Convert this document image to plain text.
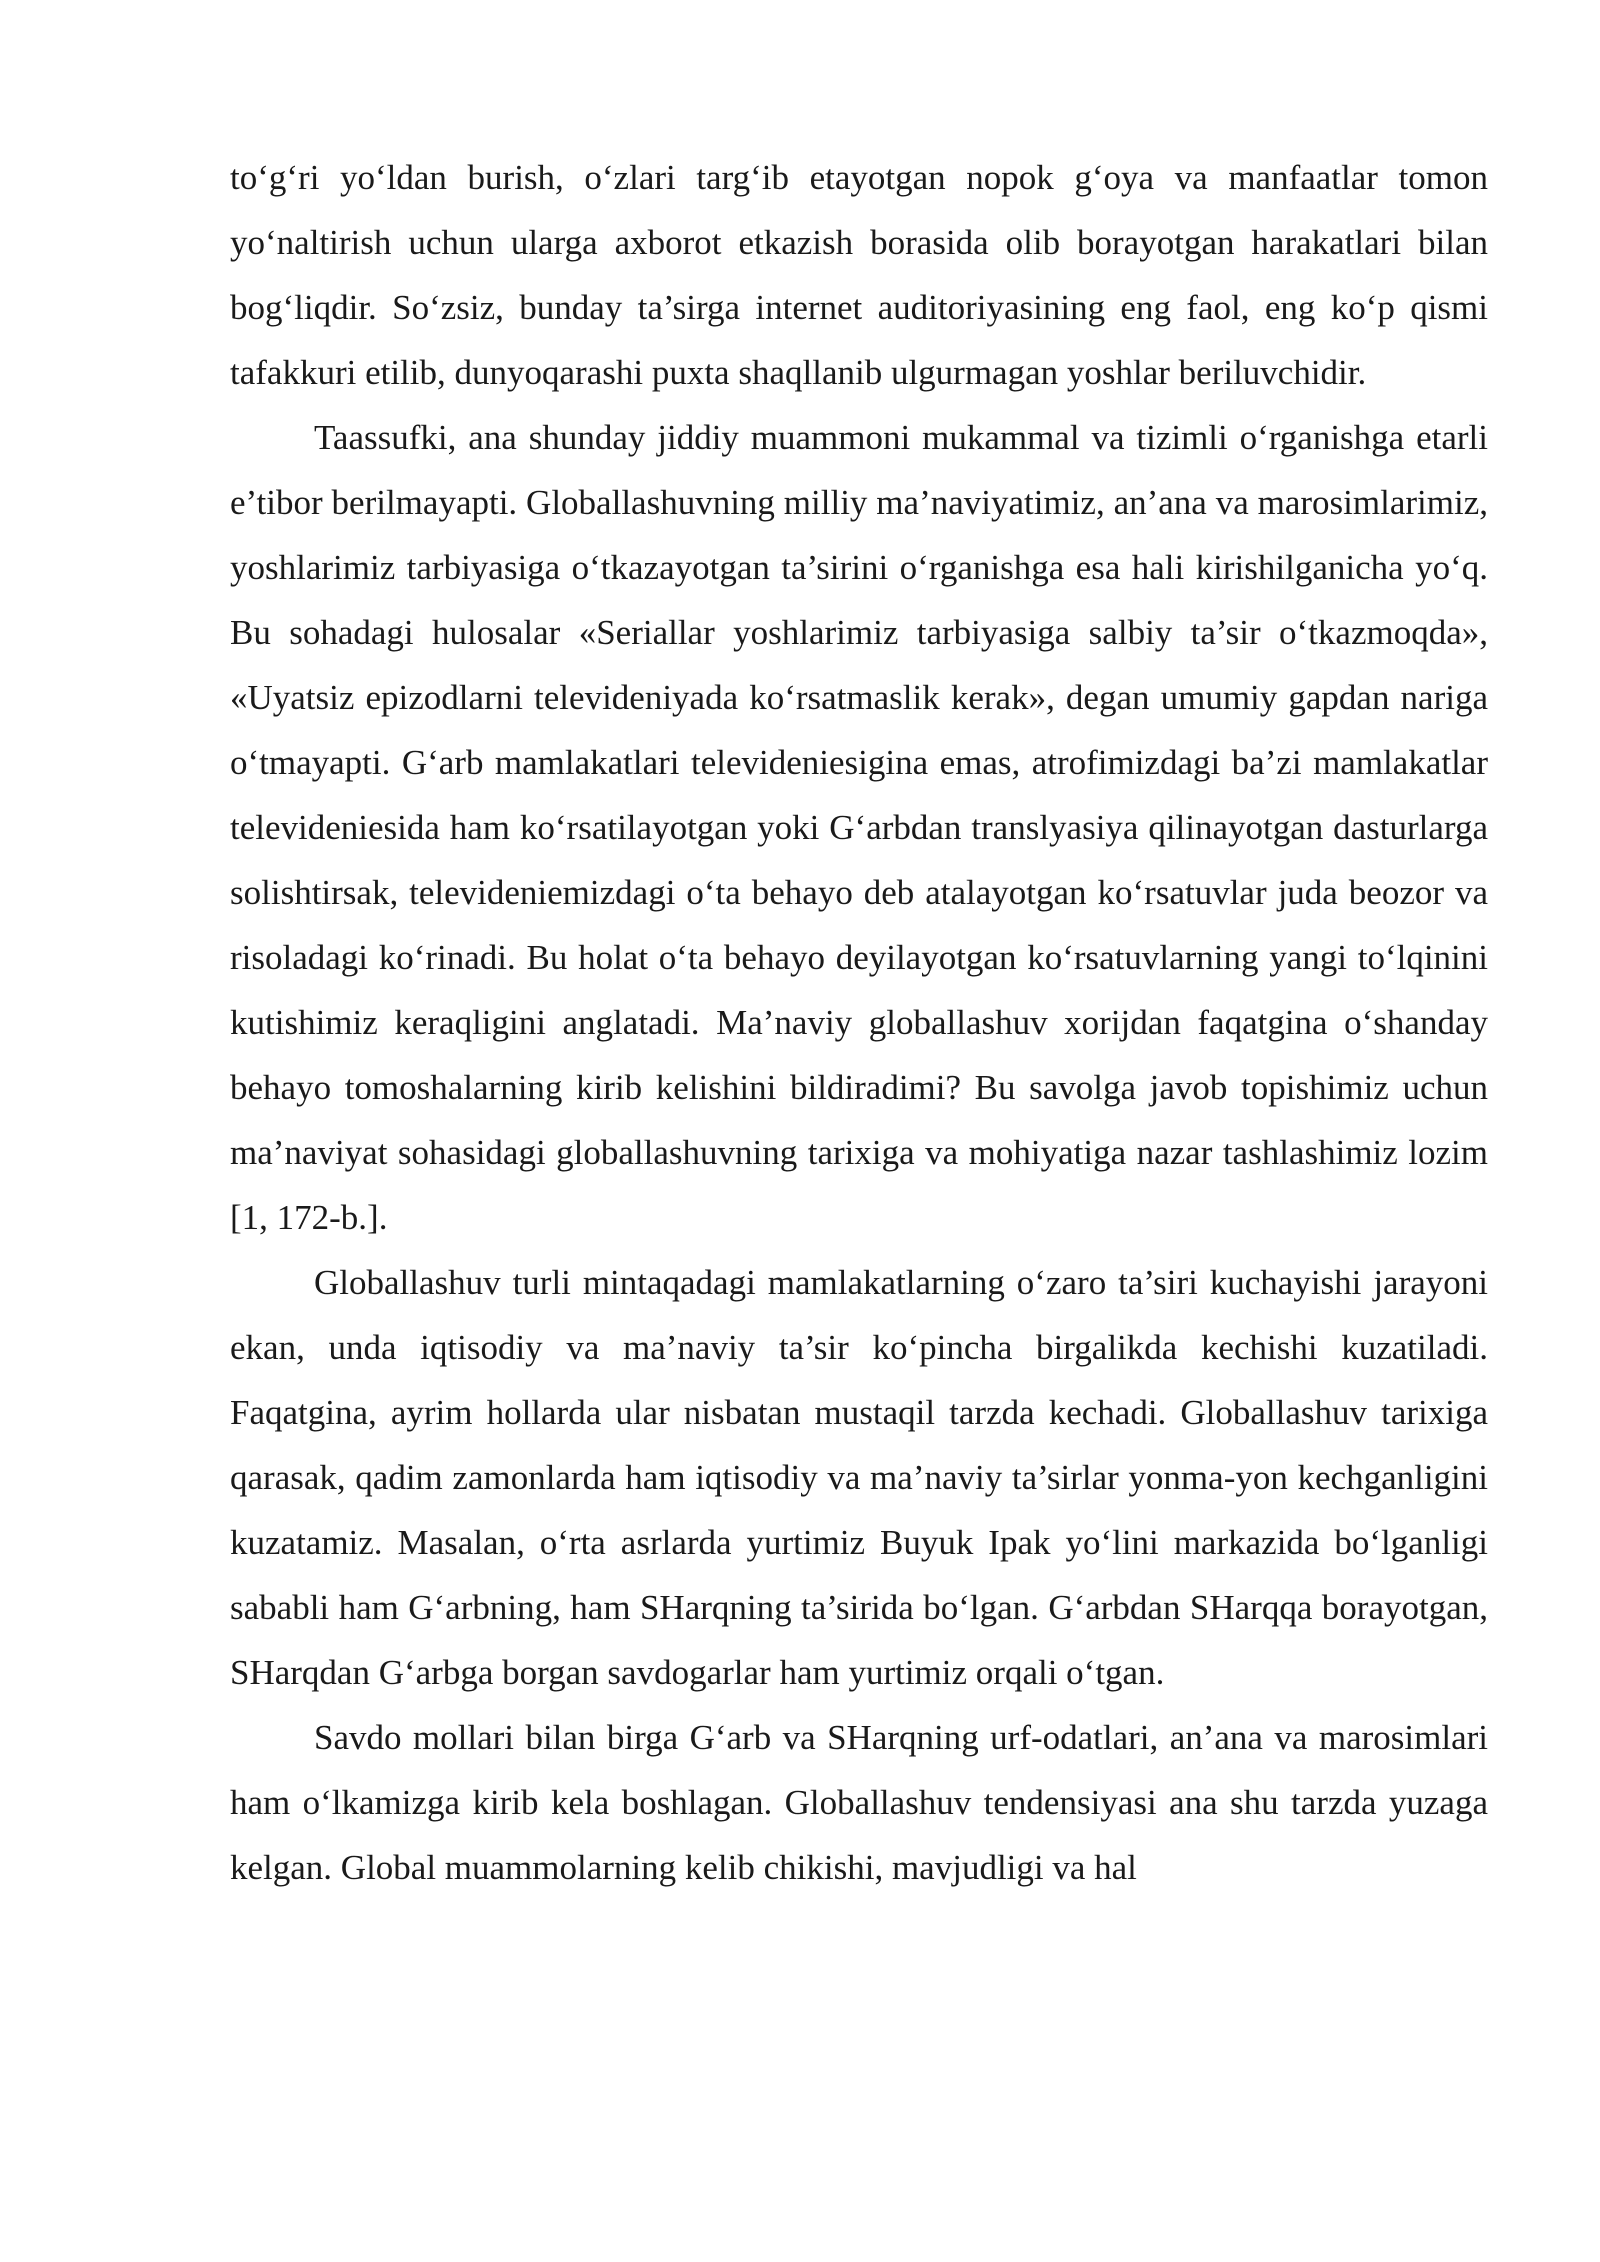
to‘g‘ri yo‘ldan burish, o‘zlari targ‘ib etayotgan nopok g‘oya va manfaatlar tomon yo‘naltirish uchun ularga axborot etkazish borasida olib borayotgan harakatlari bilan bog‘liqdir. So‘zsiz, bunday ta’sirga internet auditoriyasining eng faol, eng ko‘p qismi tafakkuri etilib, dunyoqarashi puxta shaqllanib ulgurmagan yoshlar beriluvchidir.

Taassufki, ana shunday jiddiy muammoni mukammal va tizimli o‘rganishga etarli e’tibor berilmayapti. Globallashuvning milliy ma’naviyatimiz, an’ana va marosimlarimiz, yoshlarimiz tarbiyasiga o‘tkazayotgan ta’sirini o‘rganishga esa hali kirishilganicha yo‘q. Bu sohadagi hulosalar «Seriallar yoshlarimiz tarbiyasiga salbiy ta’sir o‘tkazmoqda», «Uyatsiz epizodlarni televideniyada ko‘rsatmaslik kerak», degan umumiy gapdan nariga o‘tmayapti. G‘arb mamlakatlari televideniesigina emas, atrofimizdagi ba’zi mamlakatlar televideniesida ham ko‘rsatilayotgan yoki G‘arbdan translyasiya qilinayotgan dasturlarga solishtirsak, televideniemizdagi o‘ta behayo deb atalayotgan ko‘rsatuvlar juda beozor va risoladagi ko‘rinadi. Bu holat o‘ta behayo deyilayotgan ko‘rsatuvlarning yangi to‘lqinini kutishimiz keraqligini anglatadi. Ma’naviy globallashuv xorijdan faqatgina o‘shanday behayo tomoshalarning kirib kelishini bildiradimi? Bu savolga javob topishimiz uchun ma’naviyat sohasidagi globallashuvning tarixiga va mohiyatiga nazar tashlashimiz lozim [1, 172-b.].

Globallashuv turli mintaqadagi mamlakatlarning o‘zaro ta’siri kuchayishi jarayoni ekan, unda iqtisodiy va ma’naviy ta’sir ko‘pincha birgalikda kechishi kuzatiladi. Faqatgina, ayrim hollarda ular nisbatan mustaqil tarzda kechadi. Globallashuv tarixiga qarasak, qadim zamonlarda ham iqtisodiy va ma’naviy ta’sirlar yonma-yon kechganligini kuzatamiz. Masalan, o‘rta asrlarda yurtimiz Buyuk Ipak yo‘lini markazida bo‘lganligi sababli ham G‘arbning, ham SHarqning ta’sirida bo‘lgan. G‘arbdan SHarqqa borayotgan, SHarqdan G‘arbga borgan savdogarlar ham yurtimiz orqali o‘tgan.

Savdo mollari bilan birga G‘arb va SHarqning urf-odatlari, an’ana va marosimlari ham o‘lkamizga kirib kela boshlagan. Globallashuv tendensiyasi ana shu tarzda yuzaga kelgan. Global muammolarning kelib chikishi, mavjudligi va hal
